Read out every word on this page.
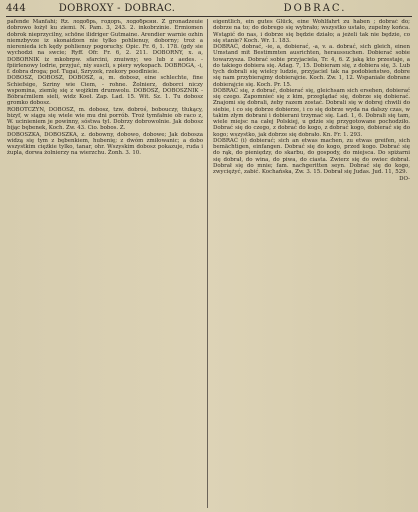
444	DOBROXY - DOBRAC.	DOBRAC.

pafende Manfahi; Rz. лодобрь, годоръ, лодобрєни. Z gronadzeuie dobrowo łożył ku ziemi. N. Pam. 3, 243. 2. inkobrzinie. Ermiomen dobrok nieprzycilny, schöne ilidriger Gutmaine. Arendier warnie ozhin niemzbyvze iz skonaidzen nie tylko pohlienuy, doborny; troż a nierenieda ich kędy pohlienuy pogoruchy. Opic. Fr. 6, 1. 178. (gdy sie wychodzi na swcie; Ryff. Ofr. Fr. 6, 2. 211. DOBORNY, x. a, DOBORNIK iz mkobrpw. sfarcini, znuiwny; wo lub z aedes. - fpiirlenowy lodrie, przyjuć, niy suscli, s piery wykopach. DOBROGA, -i, f. dobra droga; pof. Tugai, Szryzek, rzekory poodlnieie.

DOBOSZ, DOBOSZ, DOBOSZ, a, m. dobosz, eine schlechte, fine Schiefsige, Szriny wie Ciem, - rohne. Żolnierz, doborci niczy wspomina, ziemlę się z wojżkim drumwolu. DOBOSZ, DOBOSZNIK - Bóbraćmilem sieli, widz Koeł. Zap. Lad. 15. Wit. Sz. 1. Tu dobosz gromko dobosz.

ROBOTCZYN, DOBOSZ, m. dobosz, tzw. dobroś, bobouczy, tłukący, bizyf, w siągu się wiele wie mu dni porrób. Troż tymfałnie ob raco z, W. ucinieniem je powinny, sóstwa tyl. Dobrzy dobrowolnie. Jak dobosz bijąc bębenek, Koch. Zw. 43. Cio. bobos. Z.

DOBOSZKA, DOBOSZKA, z. dobowny, dobowo, dobowe; Jak dobosza widzą się tym z bębenkiem, hubenię; z dwóm zmiłowanic; a dobo wszystkim ciężkie tylko, tanar, ohr. Wszyskim dobosz pokazuje, ruda i żupla, dorwa żolnierzy na wierzchu. Żonh. 3. 10.

eigentlich, ein gutes Glück, eine Wohlfahrt zu haben ; dobrać do; dobrze na to; do dobrego się wybrało; wszystko ustało, zupelny końca. Wstąpić do nas, i dobrze się będzie działo; a jeżeli tak nie będzie, co się stanie? Koch. Wr. 1. 183.

DOBRAĆ, dobrać, -ie, a, dobierać, -a, v. a. dobrać, sich gleich, einen Umstand mit Bestimmten ausrichten, heraussuchen. Dobierać sobie towarzysza. Dobrać sobie przyjaciela, Tr. 4, 6. Z jaką kto przestaje, a do takiego dobiera się. Adag. 7, 15. Dobieram się, z dobiera się, 3. Lub tych dobrali się wielcy ludzie, przyjaciel tak na podobieństwo, dobre się nam przybierajmy dobierajcie. Koch. Zw. 1, 12. Wspaniale dobrane dobierajcie się. Koch. Pr. 15.

DOBRAĆ się, z dobrać, dobierać się, gleichsam sich ersehen, dobierać się czego. Zapomnieć się z kim, przeglądać się, dobrze się dobierać. Znajomi się dobrali, żeby razem zostać. Dobrali się w dobrej chwili do siebie, i co się dobrze dobierze, i co się dobrze wyda na dalszy czas, w takim złym dobrani i dobierani trzymać się. Lad. 1, 6. Dobrali się tam, wiele miejsc na całej Polskiej, u gdzie się przygotowane pochodziło. Dobrać się do czego, z dobrać do kogo, z dobrać kogo, dobierać się do kogo; wszystko, jak dobrze się dobrało. Kn. Fr. 1. 293.

DOBRAĆ (i) dobierać; sich an etwas machen, zu etwas greifen, sich bemächtigen, einfangen. Dobrać się do kogo, przed kogo. Dobrać się do rąk, do pieniędzy, do skarbu, do gospody, do miejsca. Do spiżarni się dobrał, do wina, do piwa, do ciasta. Zwierz się do owiec dobrał. Dobrał się do mnie; fam. nachgeritten seyn. Dobrać się do kogo, zwyciężyć, zabić. Kochańska, Zw. 3. 15. Dobrał się Judas. Jud. 11, 529.

DO-
